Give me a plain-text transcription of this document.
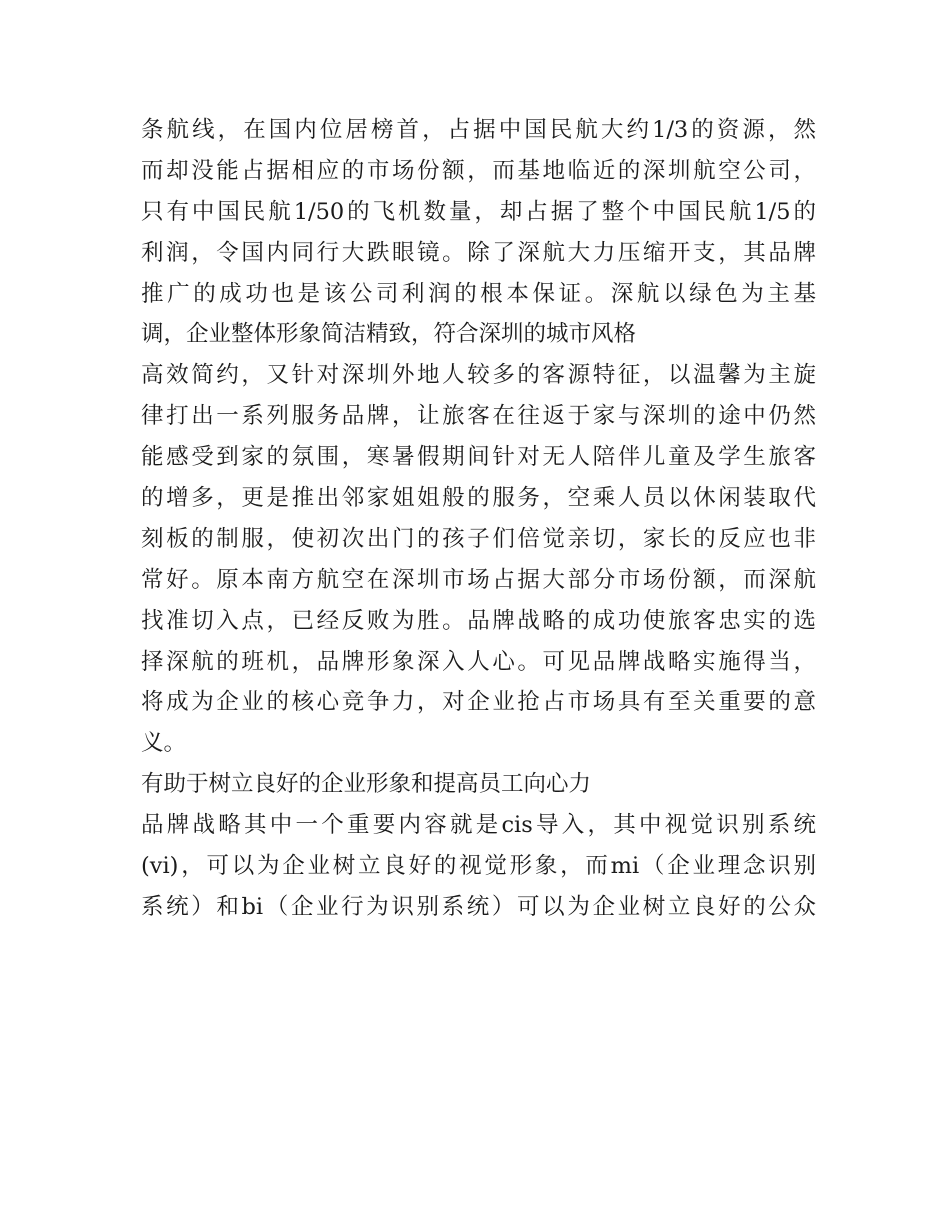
条航线，在国内位居榜首，占据中国民航大约1/3的资源，然
而却没能占据相应的市场份额，而基地临近的深圳航空公司，
只有中国民航1/50的飞机数量，却占据了整个中国民航1/5的
利润，令国内同行大跌眼镜。除了深航大力压缩开支，其品牌
推广的成功也是该公司利润的根本保证。深航以绿色为主基
调，企业整体形象简洁精致，符合深圳的城市风格
高效简约，又针对深圳外地人较多的客源特征，以温馨为主旋
律打出一系列服务品牌，让旅客在往返于家与深圳的途中仍然
能感受到家的氛围，寒暑假期间针对无人陪伴儿童及学生旅客
的增多，更是推出邻家姐姐般的服务，空乘人员以休闲装取代
刻板的制服，使初次出门的孩子们倍觉亲切，家长的反应也非
常好。原本南方航空在深圳市场占据大部分市场份额，而深航
找准切入点，已经反败为胜。品牌战略的成功使旅客忠实的选
择深航的班机，品牌形象深入人心。可见品牌战略实施得当，
将成为企业的核心竞争力，对企业抢占市场具有至关重要的意
义。
有助于树立良好的企业形象和提高员工向心力
品牌战略其中一个重要内容就是cis导入，其中视觉识别系统
(vi)，可以为企业树立良好的视觉形象，而mi（企业理念识别
系统）和bi（企业行为识别系统）可以为企业树立良好的公众
